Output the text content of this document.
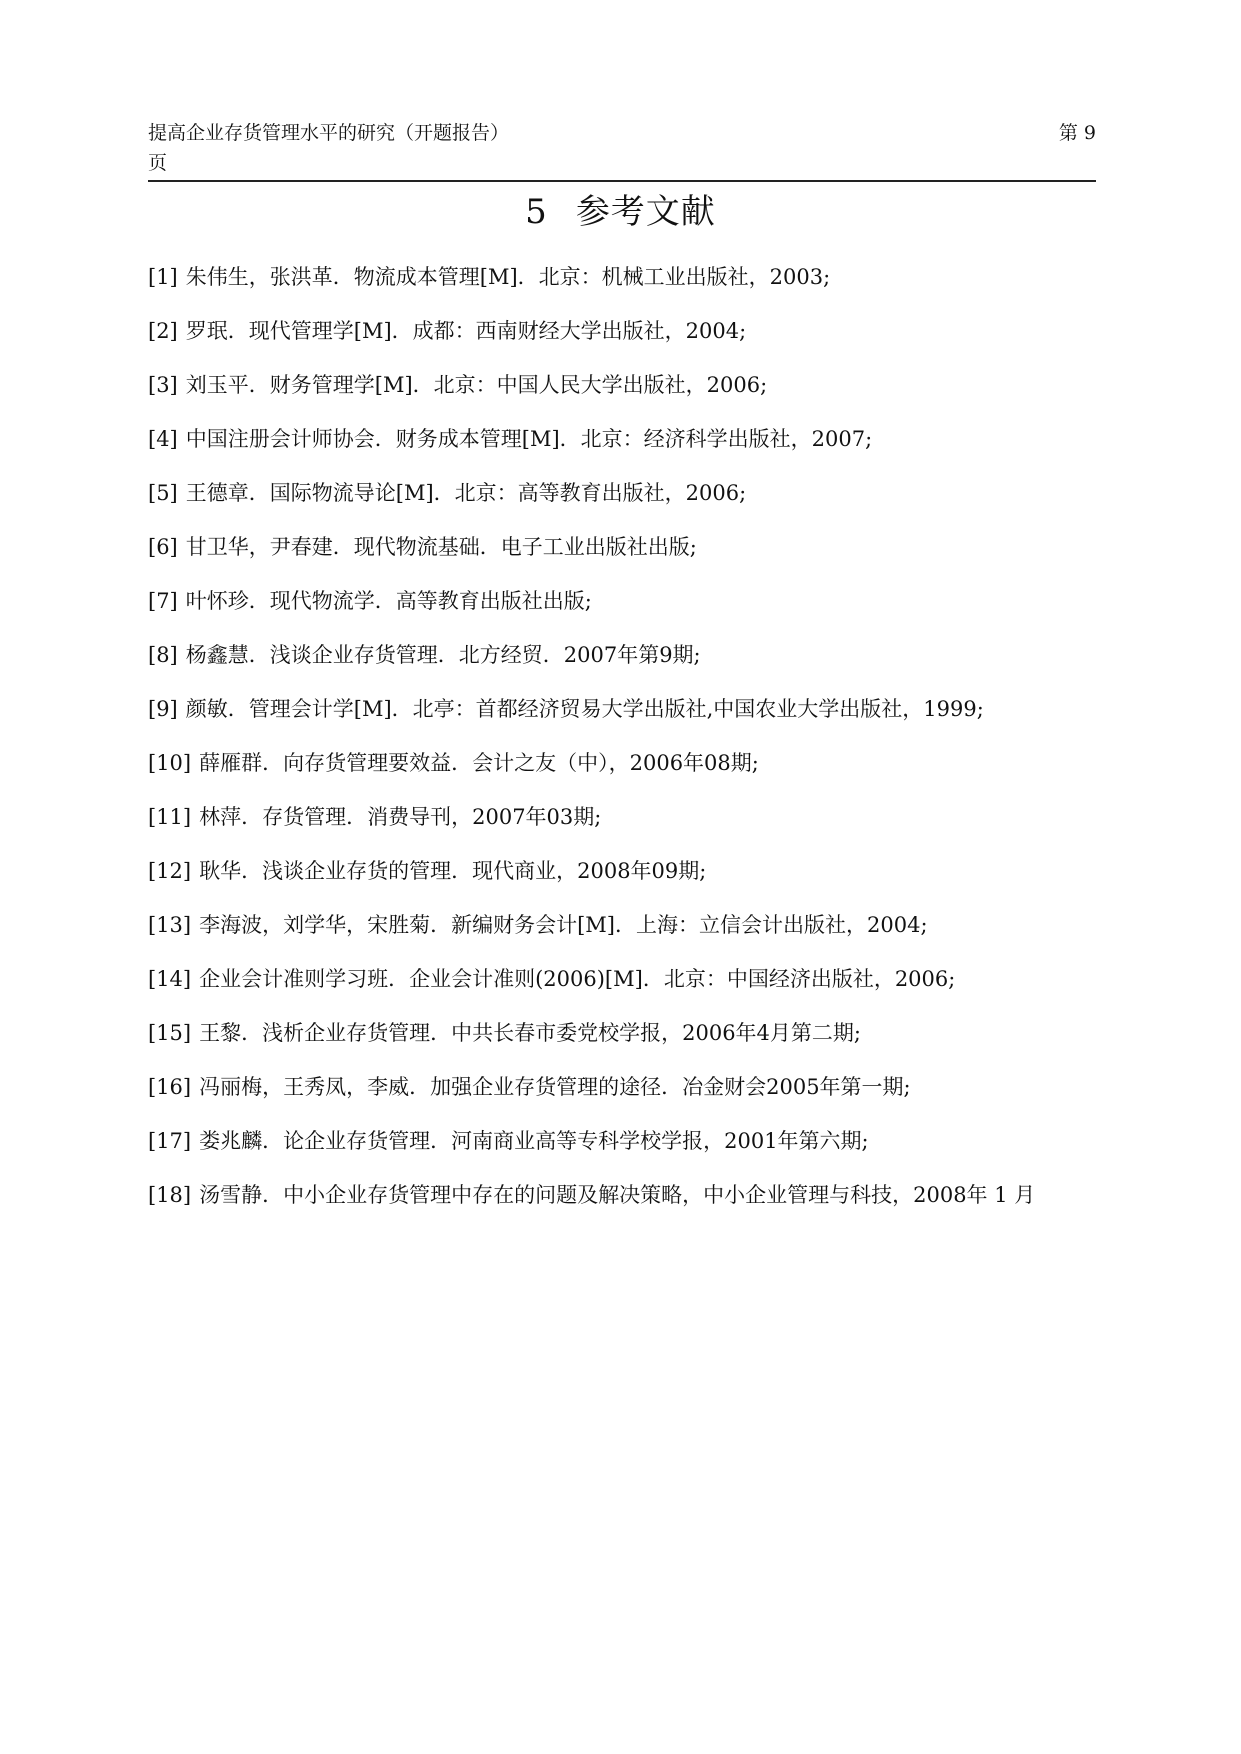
提高企业存货管理水平的研究（开题报告）
页
第 9
5 参考文献
[1] 朱伟生，张洪革．物流成本管理[M]．北京：机械工业出版社，2003;
[2] 罗珉．现代管理学[M]．成都：西南财经大学出版社，2004;
[3] 刘玉平．财务管理学[M]．北京：中国人民大学出版社，2006;
[4] 中国注册会计师协会．财务成本管理[M]．北京：经济科学出版社，2007;
[5] 王德章．国际物流导论[M]．北京：高等教育出版社，2006;
[6] 甘卫华，尹春建．现代物流基础．电子工业出版社出版;
[7] 叶怀珍．现代物流学．高等教育出版社出版;
[8] 杨鑫慧．浅谈企业存货管理．北方经贸．2007年第9期;
[9] 颜敏．管理会计学[M]．北亭：首都经济贸易大学出版社,中国农业大学出版社，1999;
[10] 薛雁群．向存货管理要效益．会计之友（中），2006年08期;
[11] 林萍．存货管理．消费导刊，2007年03期;
[12] 耿华．浅谈企业存货的管理．现代商业，2008年09期;
[13] 李海波，刘学华，宋胜菊．新编财务会计[M]．上海：立信会计出版社，2004;
[14] 企业会计准则学习班．企业会计准则(2006)[M]．北京：中国经济出版社，2006;
[15] 王黎．浅析企业存货管理．中共长春市委党校学报，2006年4月第二期;
[16] 冯丽梅，王秀凤，李威．加强企业存货管理的途径．冶金财会2005年第一期;
[17] 娄兆麟．论企业存货管理．河南商业高等专科学校学报，2001年第六期;
[18] 汤雪静．中小企业存货管理中存在的问题及解决策略，中小企业管理与科技，2008年 1 月
